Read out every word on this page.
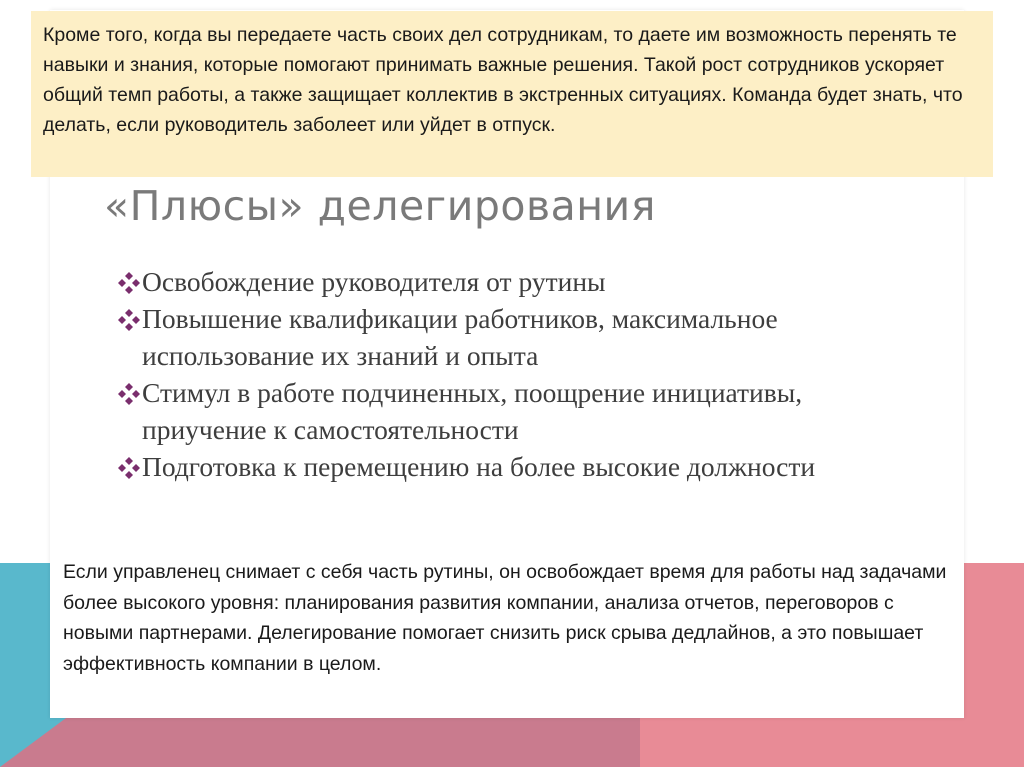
Кроме того, когда вы передаете часть своих дел сотрудникам, то даете им возможность перенять те навыки и знания, которые помогают принимать важные решения. Такой рост сотрудников ускоряет общий темп работы, а также защищает коллектив в экстренных ситуациях. Команда будет знать, что делать, если руководитель заболеет или уйдет в отпуск.
«Плюсы» делегирования
Освобождение руководителя от рутины
Повышение квалификации работников, максимальное использование их знаний и опыта
Стимул в работе подчиненных, поощрение инициативы, приучение к самостоятельности
Подготовка к перемещению на более высокие должности
Если управленец снимает с себя часть рутины, он освобождает время для работы над задачами более высокого уровня: планирования развития компании, анализа отчетов, переговоров с новыми партнерами. Делегирование помогает снизить риск срыва дедлайнов, а это повышает эффективность компании в целом.
